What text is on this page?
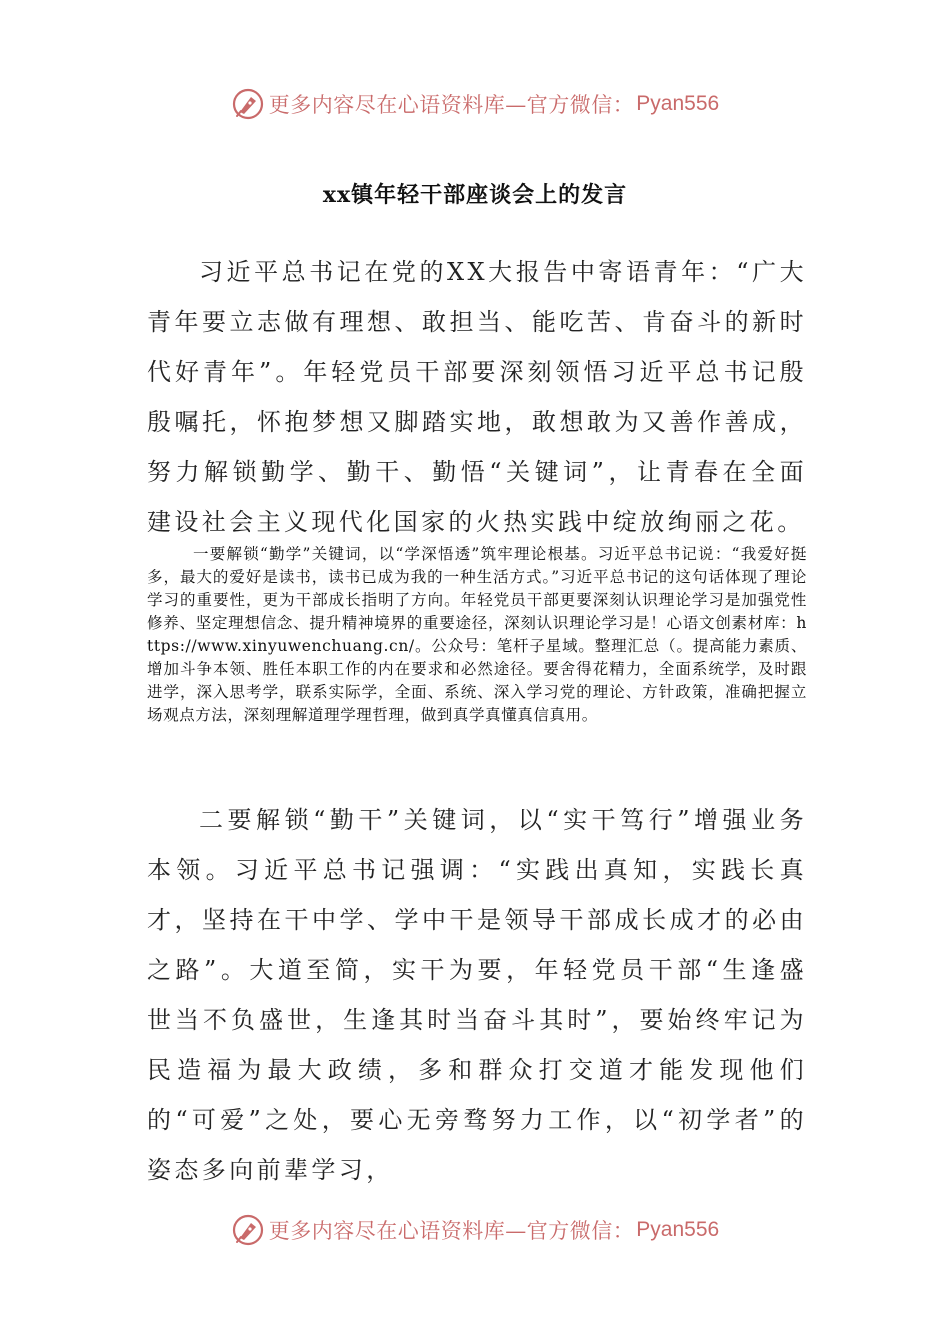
更多内容尽在心语资料库—官方微信： Pyan556
xx镇年轻干部座谈会上的发言

习近平总书记在党的XX大报告中寄语青年：“广大青年要立志做有理想、敢担当、能吃苦、肯奋斗的新时代好青年”。年轻党员干部要深刻领悟习近平总书记殷殷嘱托，怀抱梦想又脚踏实地，敢想敢为又善作善成，努力解锁勤学、勤干、勤悟“关键词”，让青春在全面建设社会主义现代化国家的火热实践中绽放绚丽之花。

一要解锁“勤学”关键词，以“学深悟透”筑牢理论根基。习近平总书记说：“我爱好挺多，最大的爱好是读书，读书已成为我的一种生活方式。”习近平总书记的这句话体现了理论学习的重要性，更为干部成长指明了方向。年轻党员干部更要深刻认识理论学习是加强党性修养、坚定理想信念、提升精神境界的重要途径，深刻认识理论学习是！心语文创素材库：https://www.xinyuwenchuang.cn/。公众号：笔杆子星域。整理汇总（。提高能力素质、增加斗争本领、胜任本职工作的内在要求和必然途径。要舍得花精力，全面系统学，及时跟进学，深入思考学，联系实际学，全面、系统、深入学习党的理论、方针政策，准确把握立场观点方法，深刻理解道理学理哲理，做到真学真懂真信真用。

二要解锁“勤干”关键词，以“实干笃行”增强业务本领。习近平总书记强调：“实践出真知，实践长真才，坚持在干中学、学中干是领导干部成长成才的必由之路”。大道至简，实干为要，年轻党员干部“生逢盛世当不负盛世，生逢其时当奋斗其时”，要始终牢记为民造福为最大政绩，多和群众打交道才能发现他们的“可爱”之处，要心无旁骛努力工作，以“初学者”的姿态多向前辈学习，

更多内容尽在心语资料库—官方微信： Pyan556
